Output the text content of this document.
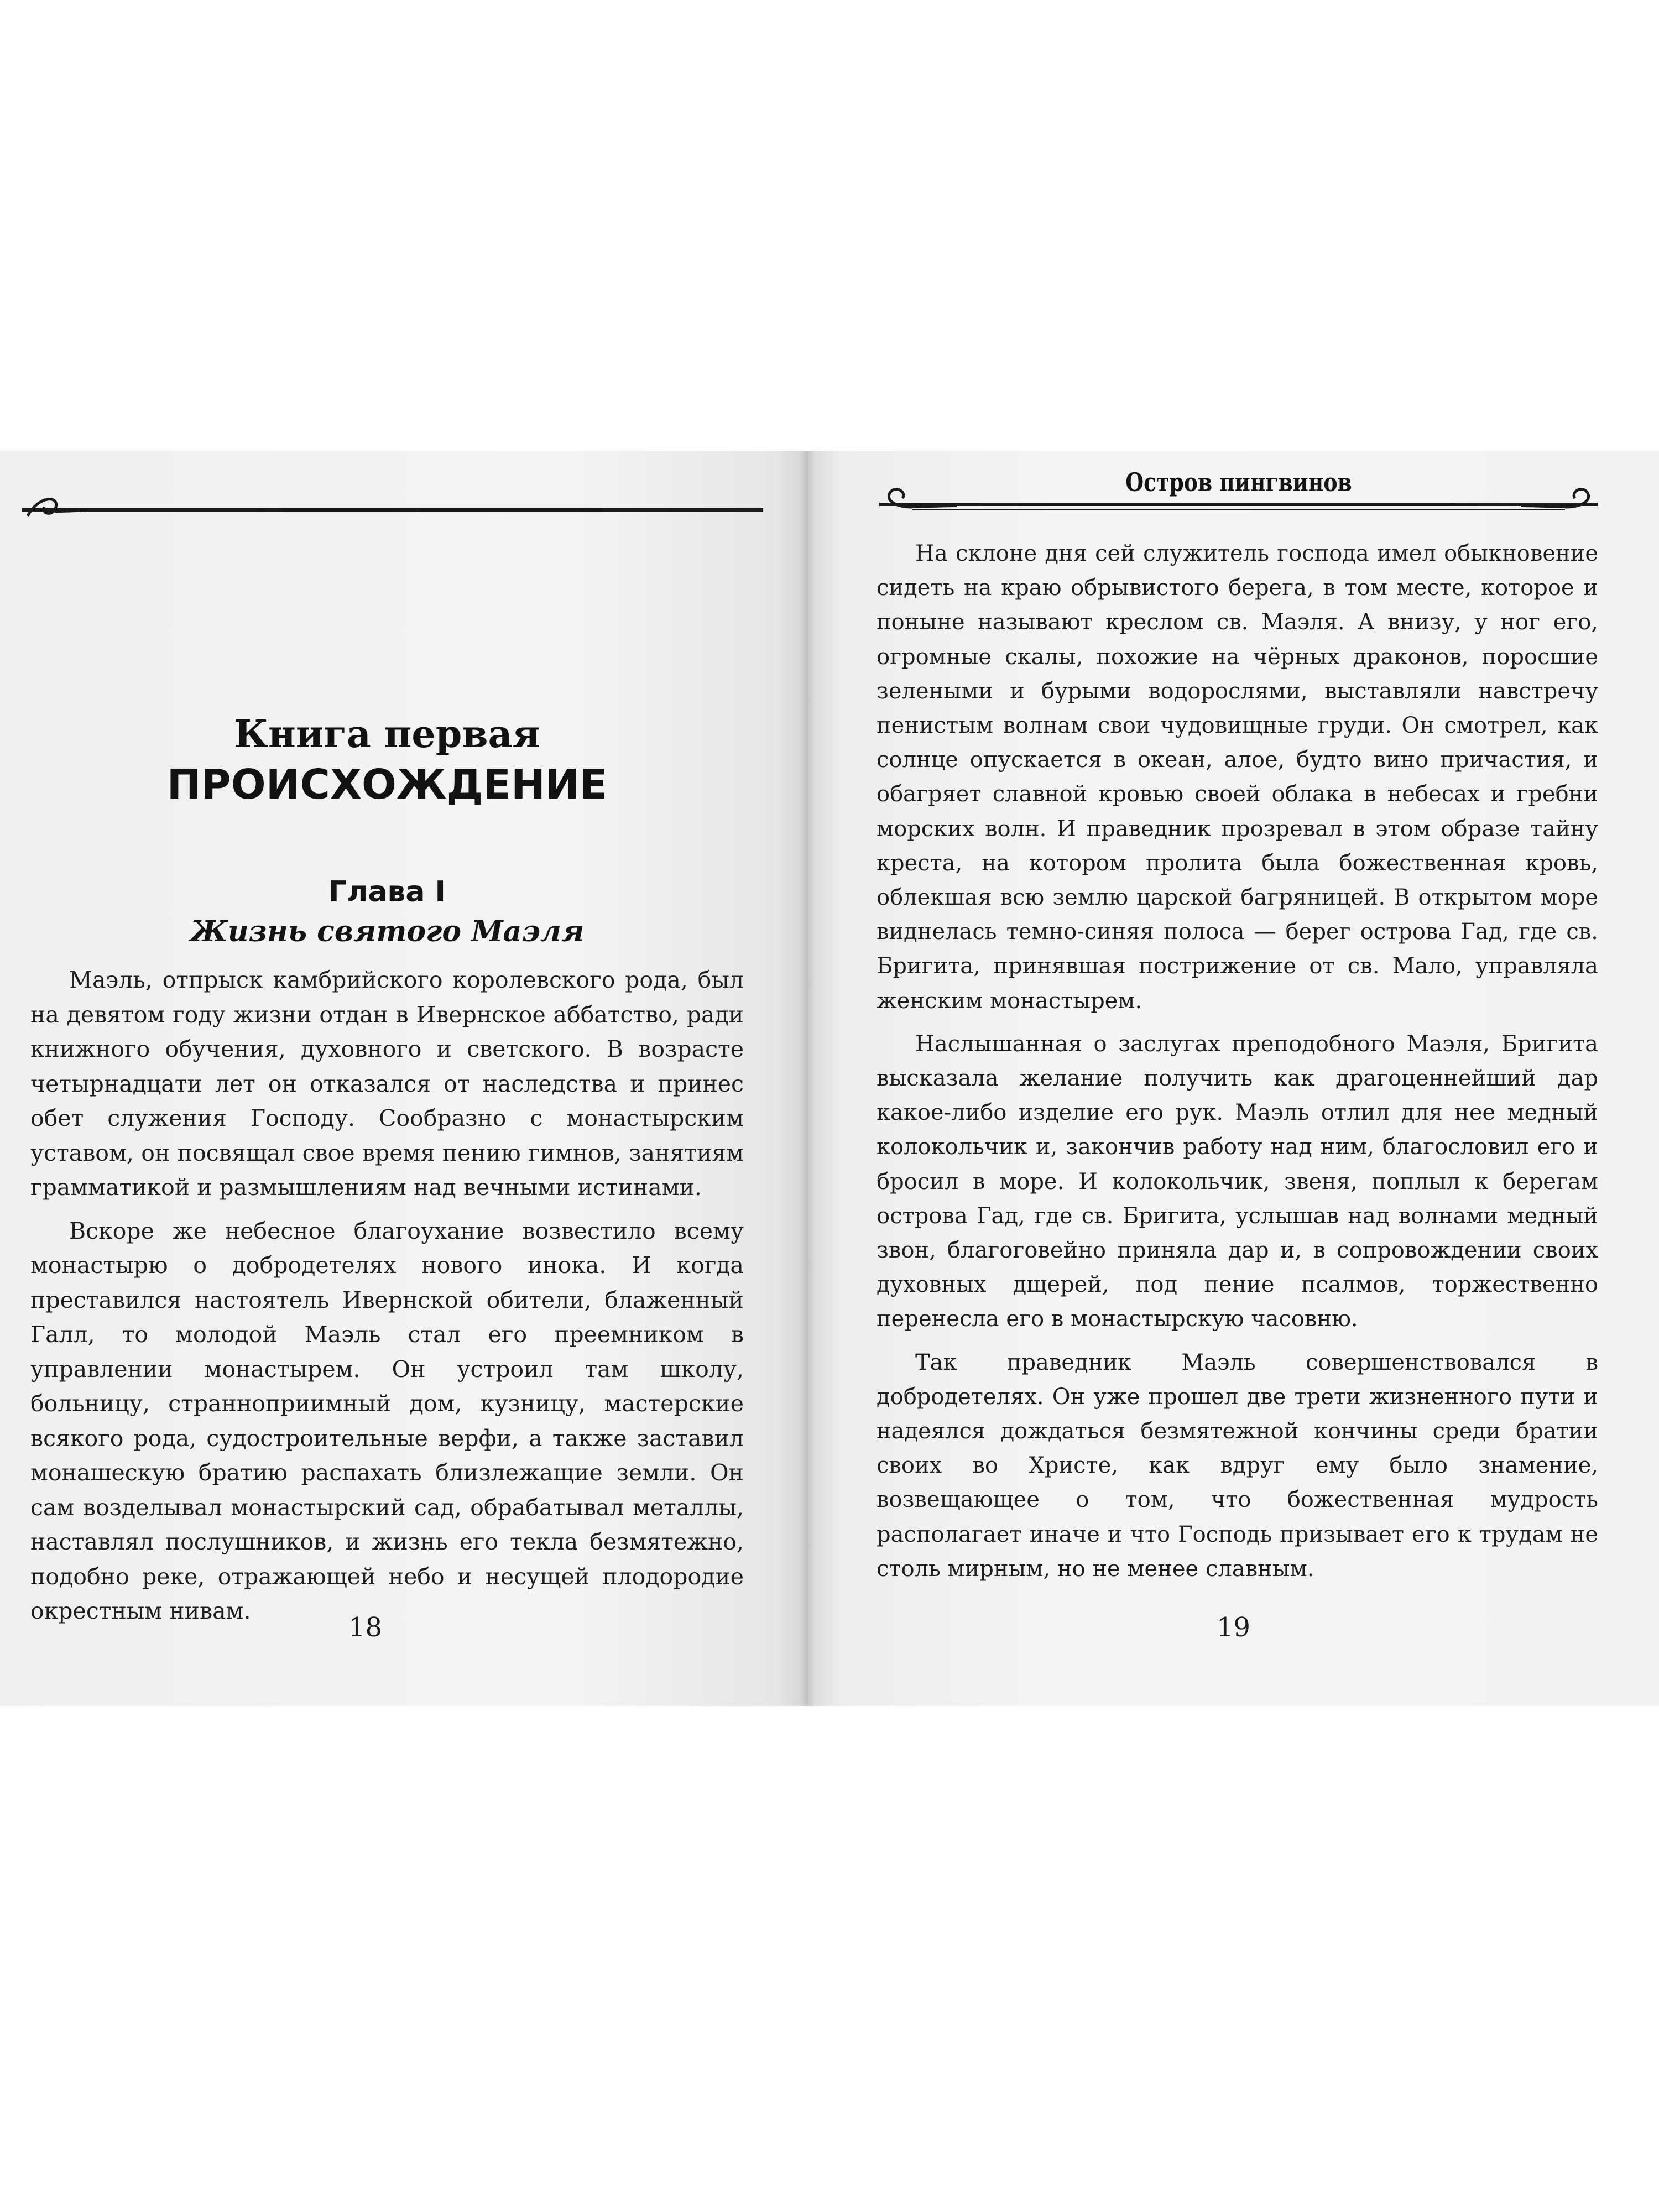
Книга первая
ПРОИСХОЖДЕНИЕ
Глава I
Жизнь святого Маэля

Маэль, отпрыск камбрийского королевского рода, был на девятом году жизни отдан в Ивернское аббатство, ради книжного обучения, духовного и светского. В возрасте четырнадцати лет он отказался от наследства и принес обет служения Господу. Сообразно с монастырским уставом, он посвящал свое время пению гимнов, занятиям грамматикой и размышлениям над вечными истинами.

Вскоре же небесное благоухание возвестило всему монастырю о добродетелях нового инока. И когда преставился настоятель Ивернской обители, блаженный Галл, то молодой Маэль стал его преемником в управлении монастырем. Он устроил там школу, больницу, странноприимный дом, кузницу, мастерские всякого рода, судостроительные верфи, а также заставил монашескую братию распахать близлежащие земли. Он сам возделывал монастырский сад, обрабатывал металлы, наставлял послушников, и жизнь его текла безмятежно, подобно реке, отражающей небо и несущей плодородие окрестным нивам.

18
Остров пингвинов

На склоне дня сей служитель господа имел обыкновение сидеть на краю обрывистого берега, в том месте, которое и поныне называют креслом св. Маэля. А внизу, у ног его, огромные скалы, похожие на чёрных драконов, поросшие зелеными и бурыми водорослями, выставляли навстречу пенистым волнам свои чудовищные груди. Он смотрел, как солнце опускается в океан, алое, будто вино причастия, и обагряет славной кровью своей облака в небесах и гребни морских волн. И праведник прозревал в этом образе тайну креста, на котором пролита была божественная кровь, облекшая всю землю царской багряницей. В открытом море виднелась темно-синяя полоса — берег острова Гад, где св. Бригита, принявшая пострижение от св. Мало, управляла женским монастырем.

Наслышанная о заслугах преподобного Маэля, Бригита высказала желание получить как драгоценнейший дар какое-либо изделие его рук. Маэль отлил для нее медный колокольчик и, закончив работу над ним, благословил его и бросил в море. И колокольчик, звеня, поплыл к берегам острова Гад, где св. Бригита, услышав над волнами медный звон, благоговейно приняла дар и, в сопровождении своих духовных дщерей, под пение псалмов, торжественно перенесла его в монастырскую часовню.

Так праведник Маэль совершенствовался в добродетелях. Он уже прошел две трети жизненного пути и надеялся дождаться безмятежной кончины среди братии своих во Христе, как вдруг ему было знамение, возвещающее о том, что божественная мудрость располагает иначе и что Господь призывает его к трудам не столь мирным, но не менее славным.

19
